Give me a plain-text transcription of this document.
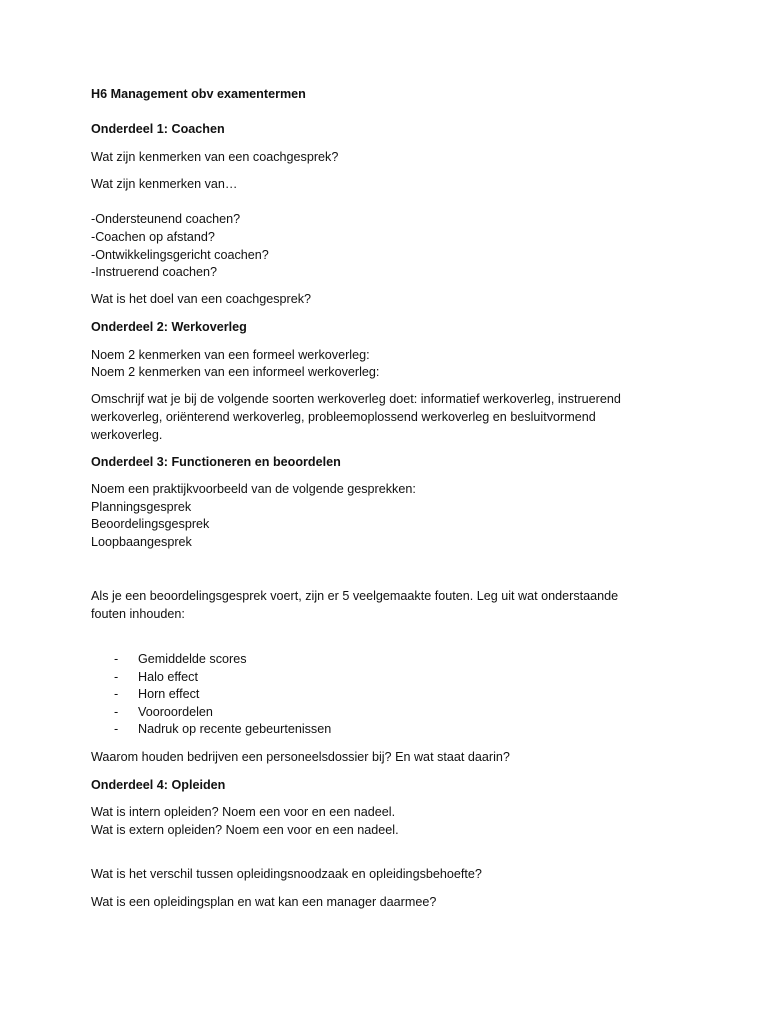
H6 Management obv examentermen
Onderdeel 1: Coachen
Wat zijn kenmerken van een coachgesprek?
Wat zijn kenmerken van…
-Ondersteunend coachen?
-Coachen op afstand?
-Ontwikkelingsgericht coachen?
-Instruerend coachen?
Wat is het doel van een coachgesprek?
Onderdeel 2: Werkoverleg
Noem 2 kenmerken van een formeel werkoverleg:
Noem 2 kenmerken van een informeel werkoverleg:
Omschrijf wat je bij de volgende soorten werkoverleg doet: informatief werkoverleg, instruerend
werkoverleg, oriënterend werkoverleg, probleemoplossend werkoverleg en besluitvormend
werkoverleg.
Onderdeel 3: Functioneren en beoordelen
Noem een praktijkvoorbeeld van de volgende gesprekken:
Planningsgesprek
Beoordelingsgesprek
Loopbaangesprek
Als je een beoordelingsgesprek voert, zijn er 5 veelgemaakte fouten. Leg uit wat onderstaande
fouten inhouden:
- Gemiddelde scores
- Halo effect
- Horn effect
- Vooroordelen
- Nadruk op recente gebeurtenissen
Waarom houden bedrijven een personeelsdossier bij? En wat staat daarin?
Onderdeel 4: Opleiden
Wat is intern opleiden? Noem een voor en een nadeel.
Wat is extern opleiden? Noem een voor en een nadeel.
Wat is het verschil tussen opleidingsnoodzaak en opleidingsbehoefte?
Wat is een opleidingsplan en wat kan een manager daarmee?
